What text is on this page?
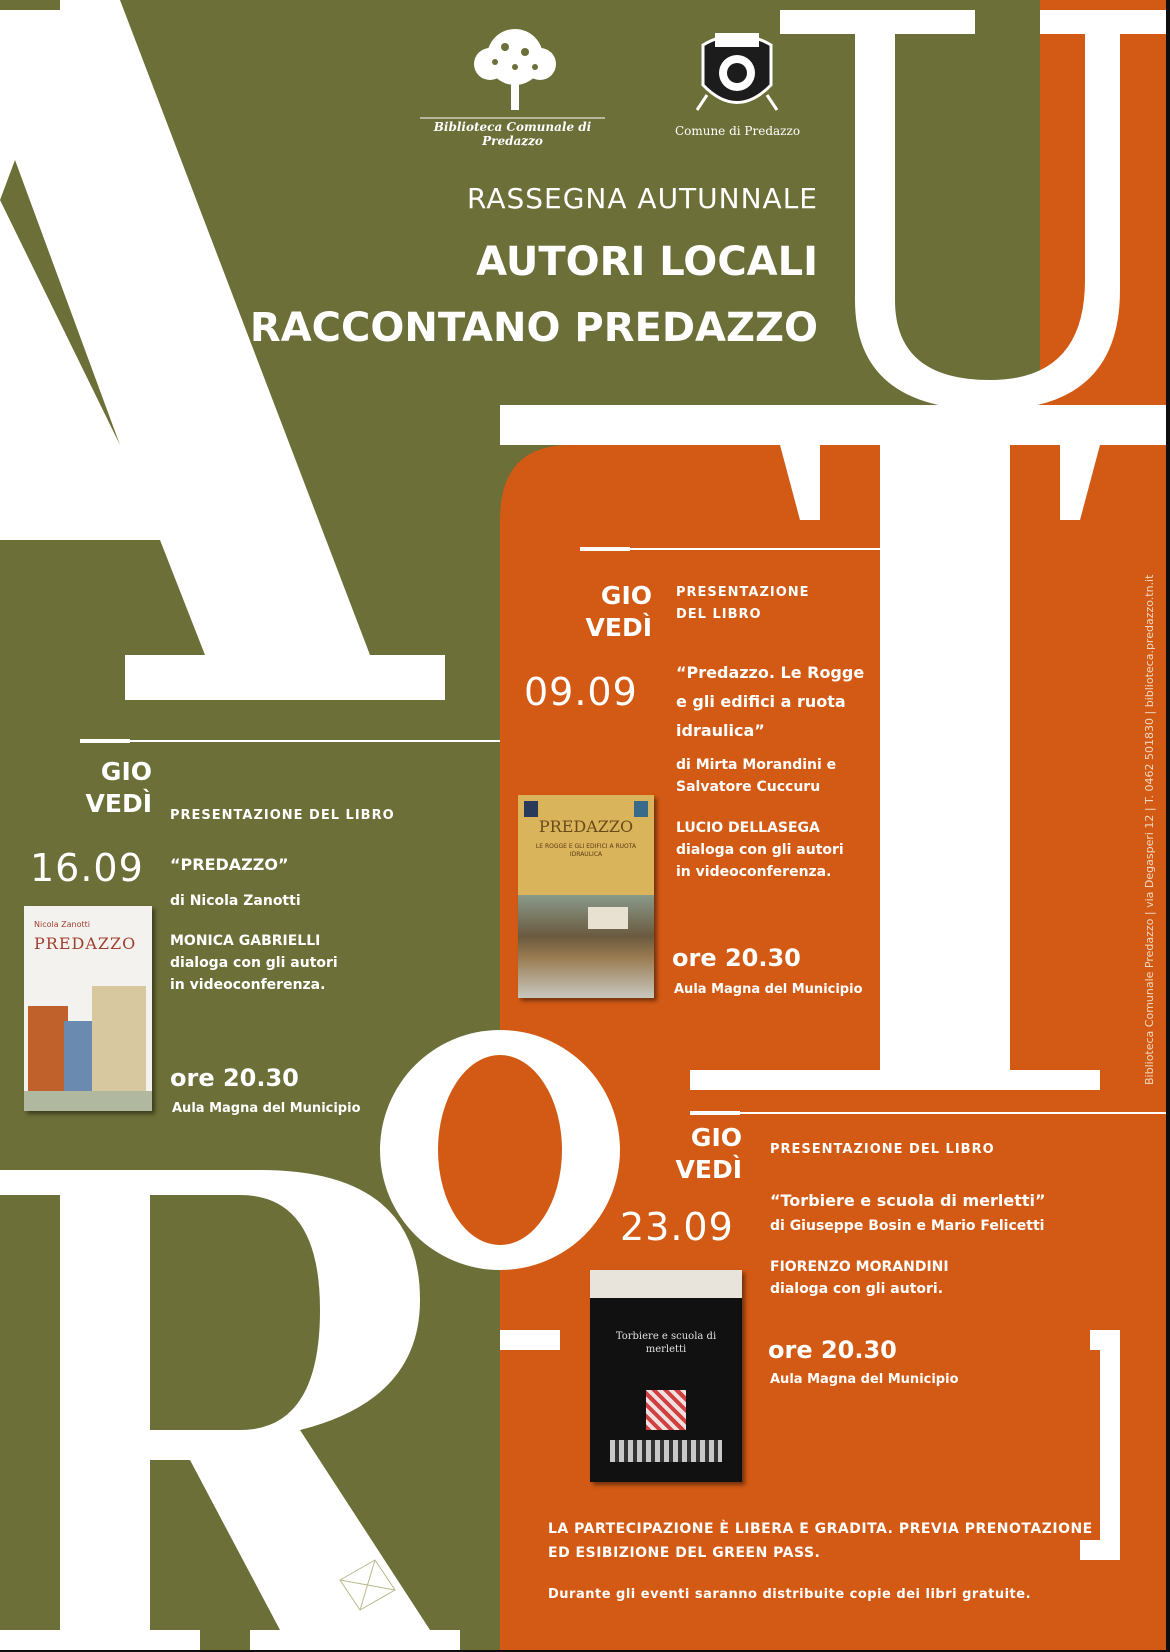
Biblioteca Comunale di Predazzo
Comune di Predazzo
RASSEGNA AUTUNNALE
AUTORI LOCALI
RACCONTANO PREDAZZO
Biblioteca Comunale Predazzo | via Degasperi 12 | T. 0462 501830 | biblioteca.predazzo.tn.it
GIO
VEDÌ
09.09
PRESENTAZIONE
DEL LIBRO
“Predazzo. Le Rogge
e gli edifici a ruota
idraulica”
di Mirta Morandini e
Salvatore Cuccuru
LUCIO DELLASEGA
dialoga con gli autori
in videoconferenza.
ore 20.30
Aula Magna del Municipio
PREDAZZO
LE ROGGE E GLI EDIFICI A RUOTA IDRAULICA
GIO
VEDÌ
16.09
PRESENTAZIONE DEL LIBRO
“PREDAZZO”
di Nicola Zanotti
MONICA GABRIELLI
dialoga con gli autori
in videoconferenza.
ore 20.30
Aula Magna del Municipio
Nicola Zanotti
PREDAZZO
GIO
VEDÌ
23.09
PRESENTAZIONE DEL LIBRO
“Torbiere e scuola di merletti”
di Giuseppe Bosin e Mario Felicetti
FIORENZO MORANDINI
dialoga con gli autori.
ore 20.30
Aula Magna del Municipio
Torbiere e scuola di merletti
LA PARTECIPAZIONE È LIBERA E GRADITA. PREVIA PRENOTAZIONE
ED ESIBIZIONE DEL GREEN PASS.
Durante gli eventi saranno distribuite copie dei libri gratuite.
